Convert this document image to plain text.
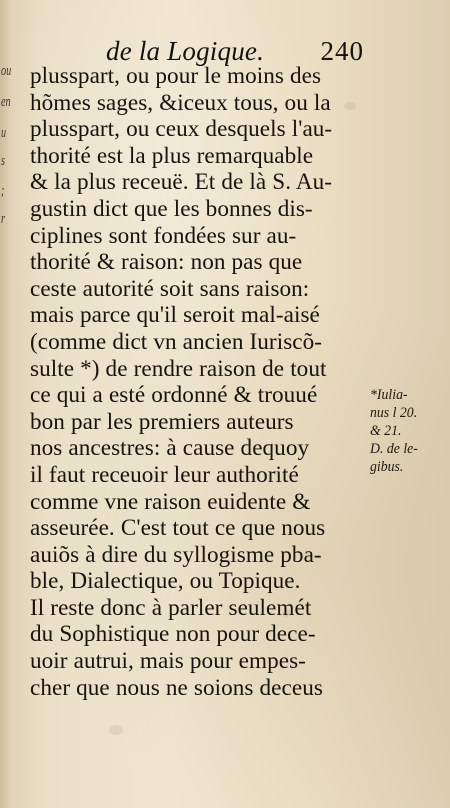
ou
en
u
s
;
r
de la Logique. 240
plusspart, ou pour le moins des
hõmes sages, &iceux tous, ou la
plusspart, ou ceux desquels l'au-
thorité est la plus remarquable
& la plus receuë. Et de là S. Au-
gustin dict que les bonnes dis-
ciplines sont fondées sur au-
thorité & raison: non pas que
ceste autorité soit sans raison:
mais parce qu'il seroit mal-aisé
(comme dict vn ancien Iuriscõ-
sulte *) de rendre raison de tout
ce qui a esté ordonné & trouué
bon par les premiers auteurs
nos ancestres: à cause dequoy
il faut receuoir leur authorité
comme vne raison euidente &
asseurée. C'est tout ce que nous
auiõs à dire du syllogisme pba-
ble, Dialectique, ou Topique.
Il reste donc à parler seulemét
du Sophistique non pour dece-
uoir autrui, mais pour empes-
cher que nous ne soions deceus
*Iulia-
nus l 20.
& 21.
D. de le-
gibus.
